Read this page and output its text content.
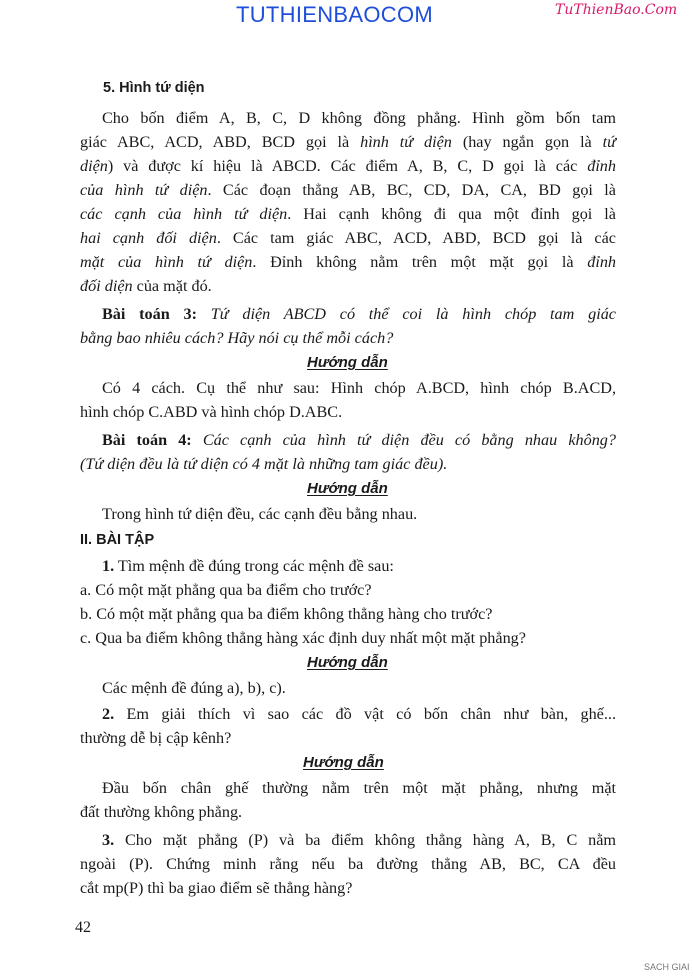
TUTHIENBAOCOM	TuThienBao.Com
5. Hình tứ diện
Cho bốn điểm A, B, C, D không đồng phẳng. Hình gồm bốn tam
giác ABC, ACD, ABD, BCD gọi là hình tứ diện (hay ngắn gọn là tứ
diện) và được kí hiệu là ABCD. Các điểm A, B, C, D gọi là các đỉnh
của hình tứ diện. Các đoạn thẳng AB, BC, CD, DA, CA, BD gọi là
các cạnh của hình tứ diện. Hai cạnh không đi qua một đỉnh gọi là
hai cạnh đối diện. Các tam giác ABC, ACD, ABD, BCD gọi là các
mặt của hình tứ diện. Đỉnh không nằm trên một mặt gọi là đỉnh
đối diện của mặt đó.
Bài toán 3: Tứ diện ABCD có thể coi là hình chóp tam giác
bằng bao nhiêu cách? Hãy nói cụ thể mỗi cách?
Hướng dẫn
Có 4 cách. Cụ thể như sau: Hình chóp A.BCD, hình chóp B.ACD,
hình chóp C.ABD và hình chóp D.ABC.
Bài toán 4: Các cạnh của hình tứ diện đều có bằng nhau không?
(Tứ diện đều là tứ diện có 4 mặt là những tam giác đều).
Hướng dẫn
Trong hình tứ diện đều, các cạnh đều bằng nhau.
II. BÀI TẬP
1. Tìm mệnh đề đúng trong các mệnh đề sau:
a. Có một mặt phẳng qua ba điểm cho trước?
b. Có một mặt phẳng qua ba điểm không thẳng hàng cho trước?
c. Qua ba điểm không thẳng hàng xác định duy nhất một mặt phẳng?
Hướng dẫn
Các mệnh đề đúng a), b), c).
2. Em giải thích vì sao các đồ vật có bốn chân như bàn, ghế...
thường dễ bị cập kênh?
Hướng dẫn
Đầu bốn chân ghế thường nằm trên một mặt phẳng, nhưng mặt
đất thường không phẳng.
3. Cho mặt phẳng (P) và ba điểm không thẳng hàng A, B, C nằm
ngoài (P). Chứng minh rằng nếu ba đường thẳng AB, BC, CA đều
cắt mp(P) thì ba giao điểm sẽ thẳng hàng?
42
SACH GIAI
